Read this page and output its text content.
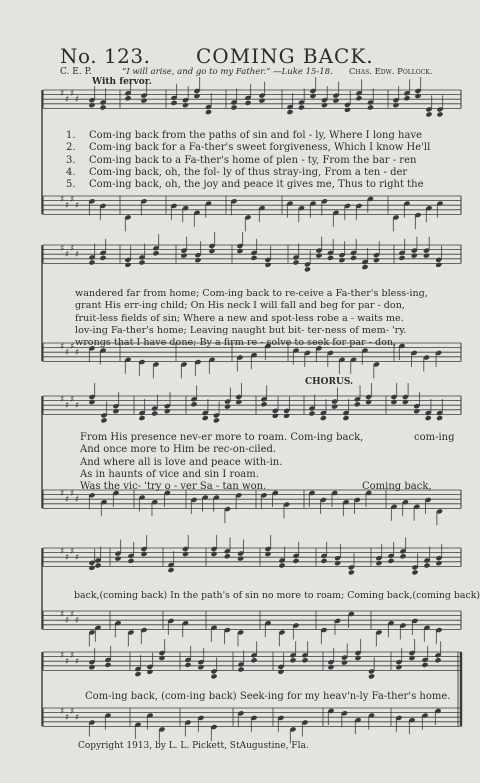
♯
♯
♯
♯
♯
♯
♯
♯
♯
♯
♯
♯
♯
♯
♯
♯
♯
♯
♯
♯
♯
♯
♯
♯
♯
♯
♯
♯
♯
♯
♯
♯
♯
♯
♯
♯
♯
♯
♯
♯
No. 123. COMING BACK.
C. E. P.	“I will arise, and go to my Father.” —Luke 15-18. Chas. Edw. Pollock.
With fervor.
1. Com-ing back from the paths of sin and fol - ly, Where I long have
2. Com-ing back for a Fa-ther's sweet forgiveness, Which I know He'll
3. Com-ing back to a Fa-ther's home of plen - ty, From the bar - ren
4. Com-ing back, oh, the fol- ly of thus stray-ing, From a ten - der
5. Com-ing back, oh, the joy and peace it gives me, Thus to right the
wandered far from home; Com-ing back to re-ceive a Fa-ther's bless-ing,
grant His err-ing child; On His neck I will fall and beg for par - don,
fruit-less fields of sin; Where a new and spot-less robe a - waits me.
lov-ing Fa-ther's home; Leaving naught but bit- ter-ness of mem- 'ry.
wrongs that I have done; By a firm re - solve to seek for par - don,
CHORUS.
From His presence nev-er more to roam. Com-ing back,
And once more to Him be rec-on-ciled.
And where all is love and peace with-in.
As in haunts of vice and sin I roam.
Was the vic- 'try o - ver Sa - tan won.
com-ing
Coming back,
back,(coming back) In the path's of sin no more to roam; Coming back,(coming back)
Com-ing back, (com-ing back) Seek-ing for my heav'n-ly Fa-ther's home.
Copyright 1913, by L. L. Pickett, StAugustine, Fla.
